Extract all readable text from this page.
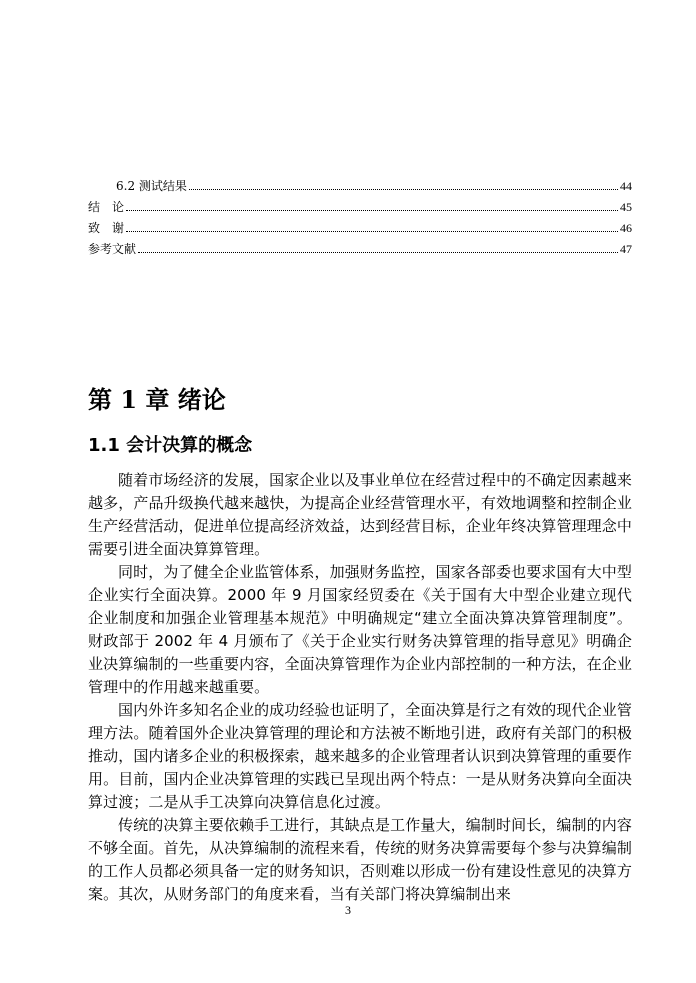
6.2 测试结果	44
结　论	45
致　谢	46
参考文献	47
第 1 章 绪论
1.1 会计决算的概念

随着市场经济的发展，国家企业以及事业单位在经营过程中的不确定因素越来越多，产品升级换代越来越快，为提高企业经营管理水平，有效地调整和控制企业生产经营活动，促进单位提高经济效益，达到经营目标，企业年终决算管理理念中需要引进全面决算算管理。

同时，为了健全企业监管体系，加强财务监控，国家各部委也要求国有大中型企业实行全面决算。2000 年 9 月国家经贸委在《关于国有大中型企业建立现代企业制度和加强企业管理基本规范》中明确规定“建立全面决算决算管理制度”。财政部于 2002 年 4 月颁布了《关于企业实行财务决算管理的指导意见》明确企业决算编制的一些重要内容，全面决算管理作为企业内部控制的一种方法，在企业管理中的作用越来越重要。

国内外许多知名企业的成功经验也证明了，全面决算是行之有效的现代企业管理方法。随着国外企业决算管理的理论和方法被不断地引进，政府有关部门的积极推动，国内诸多企业的积极探索，越来越多的企业管理者认识到决算管理的重要作用。目前，国内企业决算管理的实践已呈现出两个特点：一是从财务决算向全面决算过渡；二是从手工决算向决算信息化过渡。

传统的决算主要依赖手工进行，其缺点是工作量大，编制时间长，编制的内容不够全面。首先，从决算编制的流程来看，传统的财务决算需要每个参与决算编制的工作人员都必须具备一定的财务知识，否则难以形成一份有建设性意见的决算方案。其次，从财务部门的角度来看，当有关部门将决算编制出来

3
